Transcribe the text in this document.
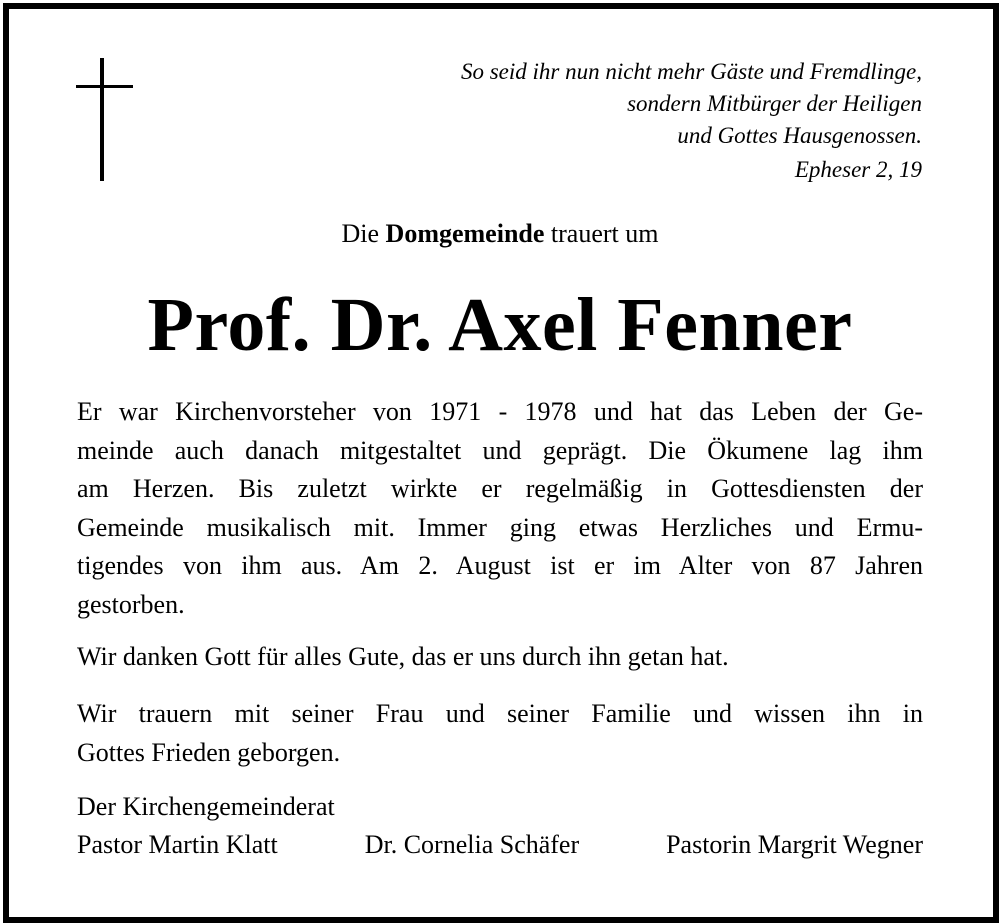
So seid ihr nun nicht mehr Gäste und Fremdlinge,
sondern Mitbürger der Heiligen
und Gottes Hausgenossen.
Epheser 2, 19
Die Domgemeinde trauert um
Prof. Dr. Axel Fenner
Er war Kirchenvorsteher von 1971 - 1978 und hat das Leben der Ge-
meinde auch danach mitgestaltet und geprägt. Die Ökumene lag ihm
am Herzen. Bis zuletzt wirkte er regelmäßig in Gottesdiensten der
Gemeinde musikalisch mit. Immer ging etwas Herzliches und Ermu-
tigendes von ihm aus. Am 2. August ist er im Alter von 87 Jahren
gestorben.
Wir danken Gott für alles Gute, das er uns durch ihn getan hat.
Wir trauern mit seiner Frau und seiner Familie und wissen ihn in
Gottes Frieden geborgen.
Der Kirchengemeinderat
Pastor Martin Klatt	Dr. Cornelia Schäfer	Pastorin Margrit Wegner
